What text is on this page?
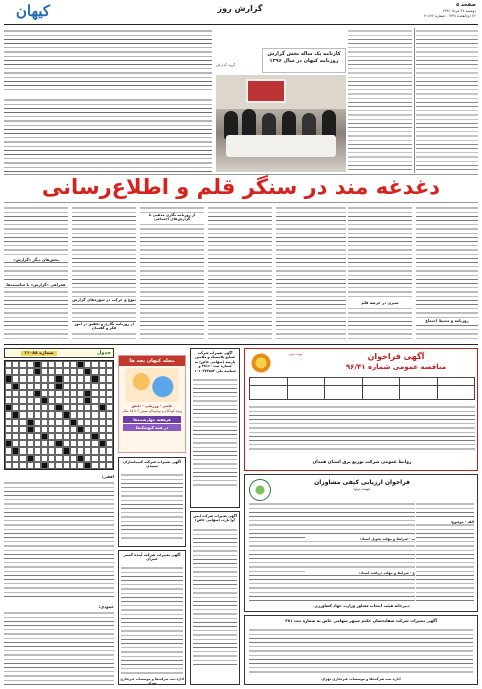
کیهان	گزارش روز	صفحه ۵
دوشنبه ۲۸ مرداد ۱۳۹۶
۲۶ ذی‌القعده ۱۴۳۸ - شماره ۲۱۶۷۶
کارنامه یک ساله بخش گزارش روزنامه کیهان در سال ۱۳۹۶
گروه گزارش
دغدغه مند در سنگر قلم و اطلاع‌رسانی
بخش‌های دیگر «گزارش»
همراهی «گزارش» با مناسبت‌ها
تنوع و حرکت در سوژه‌های گزارش
از روزنامه نگاری و تحقیق در امور فکر و گفتمان
از روزنامه نگاری مذهبی تا گزارش‌های اجتماعی
سیری در عرصه قلم
روزنامه و محیط اجتماع
جدول
شماره ۱۱۰۸۸
افقی:
عمودی:
مجله کیهان بچه ها
علمی - ورزشی - دانش
ویژه کودکان و نوجوانان سنین ۶ تا ۱۵ سال
هرهفته چهارشنبه‌ها
در همه کیوسک‌ها
آگهی تغییرات شرکت کیمیاسازان سپیدی
آگهی تغییرات شرکت آینده گستر عمران
اداره ثبت شرکت‌ها و موسسات غیرتجاری تهران
آگهی تغییرات شرکت صنایع پلاستیک و ملامین پارسه (سهامی خاص) به شماره ثبت ۲۸۱۶۰ و شناسه ملی ۱۰۱۰۲۷۳۵۸۲
آگهی تغییرات شرکت ایمن آوا پارت (سهامی خاص)
آگهی فراخوان
مناقصه عمومی شماره ۹۶/۴۱
نوبت دوم

روابط عمومی شرکت توزیع برق استان همدان
فراخوان ارزیابی کیفی مشاوران
(نوبت دوم)
الف - موضوع:
ب - شرایط و مهلت تحویل اسناد:
ج - شرایط و مهلت دریافت اسناد:
دبیرخانه هیئت انتخاب مشاور وزارت جهاد کشاورزی
آگهی تغییرات شرکت شفابخشان حکیم سپهر سهامی خاص به شماره ثبت ۳۸۱
اداره ثبت شرکت‌ها و موسسات غیرتجاری تهران
